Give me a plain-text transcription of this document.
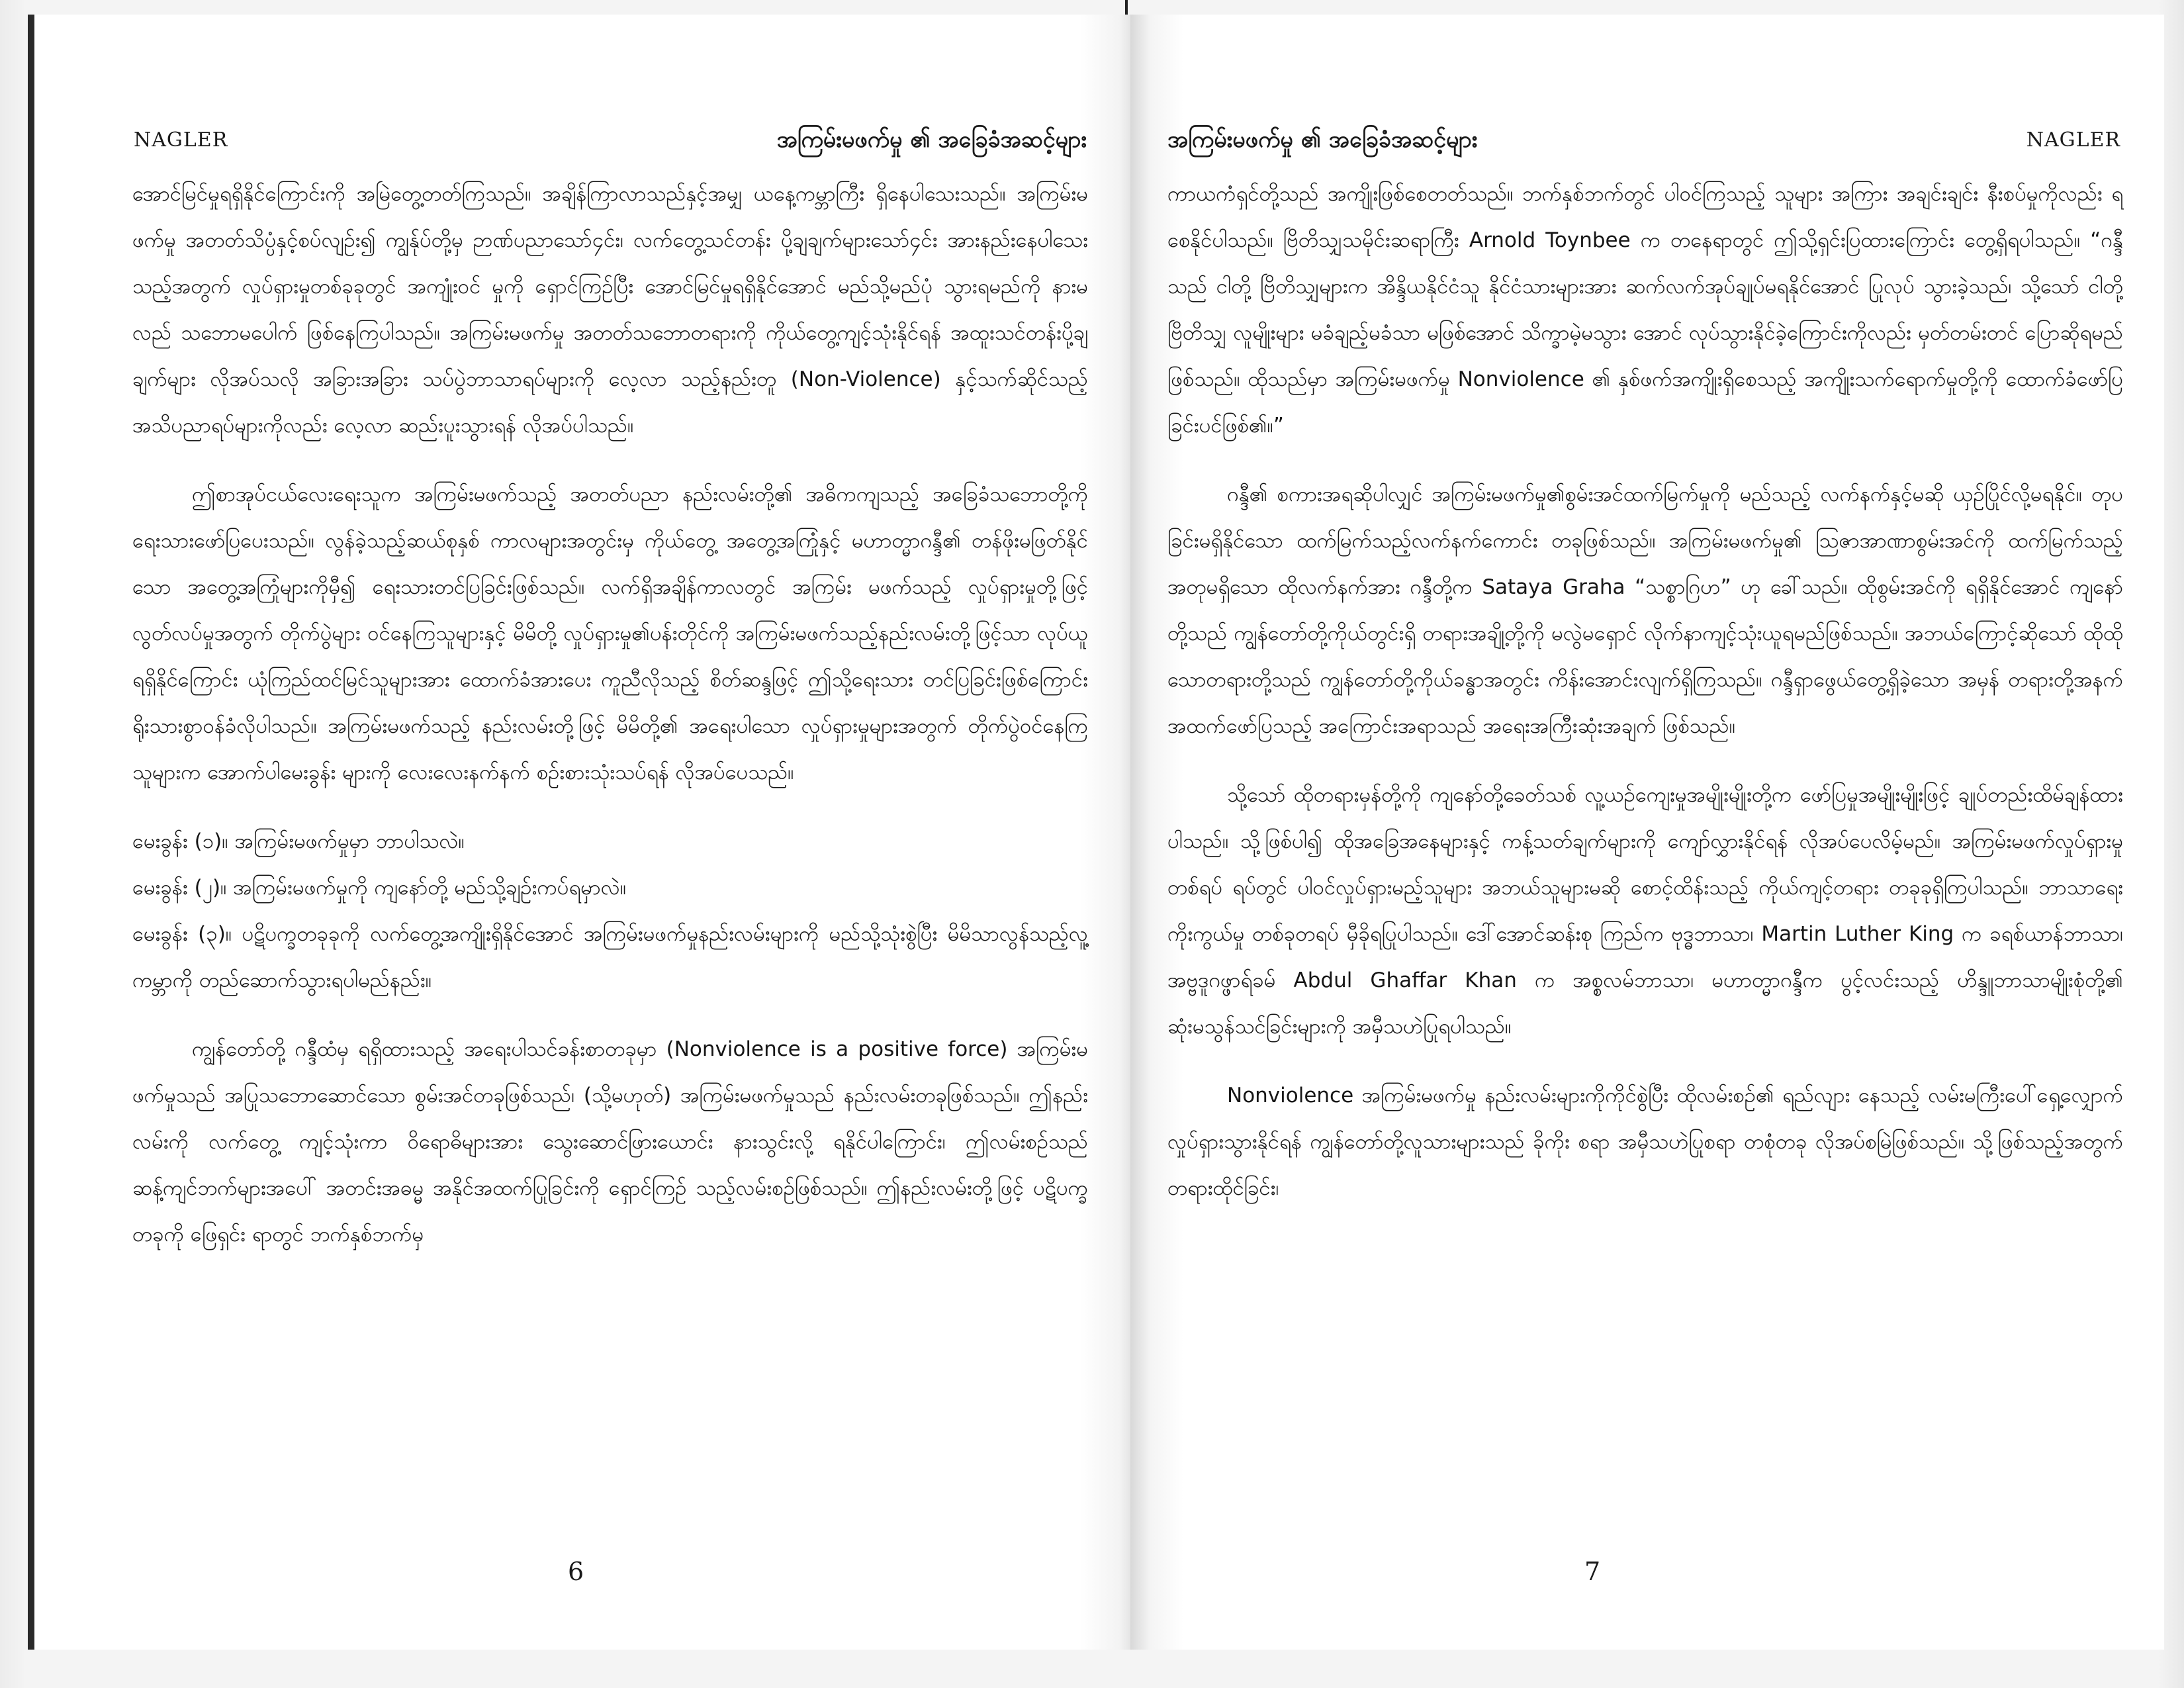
NAGLER	အကြမ်းမဖက်မှု ၏ အခြေခံအဆင့်များ

အောင်မြင်မှုရရှိနိုင်ကြောင်းကို အမြဲတွေ့တတ်ကြသည်။ အချိန်ကြာလာသည်နှင့်အမျှ ယနေ့ကမ္ဘာကြီး ရှိနေပါသေးသည်။ အကြမ်းမဖက်မှု အတတ်သိပ္ပံနှင့်စပ်လျဉ်း၍ ကျွန်ုပ်တို့မှ ဉာဏ်ပညာသော်၄င်း၊ လက်တွေ့သင်တန်း ပို့ချချက်များသော်၄င်း အားနည်းနေပါသေးသည့်အတွက် လှုပ်ရှားမှုတစ်ခုခုတွင် အကျုံးဝင် မှုကို ရှောင်ကြဉ်ပြီး အောင်မြင်မှုရရှိနိုင်အောင် မည်သို့မည်ပုံ သွားရမည်ကို နားမလည် သဘောမပေါက် ဖြစ်နေကြပါသည်။ အကြမ်းမဖက်မှု အတတ်သဘောတရားကို ကိုယ်တွေ့ကျင့်သုံးနိုင်ရန် အထူးသင်တန်းပို့ချချက်များ လိုအပ်သလို အခြားအခြား သပ်ပွဲဘာသာရပ်များကို လေ့လာ သည့်နည်းတူ (Non-Violence) နှင့်သက်ဆိုင်သည့် အသိပညာရပ်များကိုလည်း လေ့လာ ဆည်းပူးသွားရန် လိုအပ်ပါသည်။

ဤစာအုပ်ငယ်လေးရေးသူက အကြမ်းမဖက်သည့် အတတ်ပညာ နည်းလမ်းတို့၏ အဓိကကျသည့် အခြေခံသဘောတို့ကို ရေးသားဖော်ပြပေးသည်။ လွန်ခဲ့သည့်ဆယ်စုနှစ် ကာလများအတွင်းမှ ကိုယ်တွေ့ အတွေ့အကြုံနှင့် မဟာတ္မာဂန္ဒီ၏ တန်ဖိုးမဖြတ်နိုင်သော အတွေ့အကြုံများကိုမှီ၍ ရေးသားတင်ပြခြင်းဖြစ်သည်။ လက်ရှိအချိန်ကာလတွင် အကြမ်း မဖက်သည့် လှုပ်ရှားမှုတို့ဖြင့် လွတ်လပ်မှုအတွက် တိုက်ပွဲများ ဝင်နေကြသူများနှင့် မိမိတို့ လှုပ်ရှားမှု၏ပန်းတိုင်ကို အကြမ်းမဖက်သည့်နည်းလမ်းတို့ဖြင့်သာ လုပ်ယူရရှိနိုင်ကြောင်း ယုံကြည်ထင်မြင်သူများအား ထောက်ခံအားပေး ကူညီလိုသည့် စိတ်ဆန္ဒဖြင့် ဤသို့ရေးသား တင်ပြခြင်းဖြစ်ကြောင်း ရိုးသားစွာဝန်ခံလိုပါသည်။ အကြမ်းမဖက်သည့် နည်းလမ်းတို့ဖြင့် မိမိတို့၏ အရေးပါသော လှုပ်ရှားမှုများအတွက် တိုက်ပွဲဝင်နေကြသူများက အောက်ပါမေးခွန်း များကို လေးလေးနက်နက် စဉ်းစားသုံးသပ်ရန် လိုအပ်ပေသည်။

မေးခွန်း (၁)။ အကြမ်းမဖက်မှုမှာ ဘာပါသလဲ။

မေးခွန်း (၂)။ အကြမ်းမဖက်မှုကို ကျနော်တို့ မည်သို့ချဉ်းကပ်ရမှာလဲ။

မေးခွန်း (၃)။ ပဋိပက္ခတခုခုကို လက်တွေ့အကျိုးရှိနိုင်အောင် အကြမ်းမဖက်မှုနည်းလမ်းများကို မည်သို့သုံးစွဲပြီး မိမိသာလွန်သည့်လူ့ကမ္ဘာကို တည်ဆောက်သွားရပါမည်နည်း။

ကျွန်တော်တို့ ဂန္ဒီထံမှ ရရှိထားသည့် အရေးပါသင်ခန်းစာတခုမှာ (Nonviolence is a positive force) အကြမ်းမဖက်မှုသည် အပြုသဘောဆောင်သော စွမ်းအင်တခုဖြစ်သည်၊ (သို့မဟုတ်) အကြမ်းမဖက်မှုသည် နည်းလမ်းတခုဖြစ်သည်။ ဤနည်းလမ်းကို လက်တွေ့ ကျင့်သုံးကာ ဝိရောဓိများအား သွေးဆောင်ဖြားယောင်း နားသွင်းလို့ ရနိုင်ပါကြောင်း၊ ဤလမ်းစဉ်သည် ဆန့်ကျင်ဘက်များအပေါ် အတင်းအဓမ္မ အနိုင်အထက်ပြုခြင်းကို ရှောင်ကြဉ် သည့်လမ်းစဉ်ဖြစ်သည်။ ဤနည်းလမ်းတို့ဖြင့် ပဋိပက္ခတခုကို ဖြေရှင်း ရာတွင် ဘက်နှစ်ဘက်မှ

6
အကြမ်းမဖက်မှု ၏ အခြေခံအဆင့်များ	NAGLER

ကာယကံရှင်တို့သည် အကျိုးဖြစ်စေတတ်သည်။ ဘက်နှစ်ဘက်တွင် ပါဝင်ကြသည့် သူများ အကြား အချင်းချင်း နီးစပ်မှုကိုလည်း ရစေနိုင်ပါသည်။ ဗြိတိသျှသမိုင်းဆရာကြီး Arnold Toynbee က တနေရာတွင် ဤသို့ရှင်းပြထားကြောင်း တွေ့ရှိရပါသည်။ “ဂန္ဒီသည် ငါတို့ ဗြိတိသျှများက အိန္ဒိယနိုင်ငံသူ နိုင်ငံသားများအား ဆက်လက်အုပ်ချုပ်မရနိုင်အောင် ပြုလုပ် သွားခဲ့သည်၊ သို့သော် ငါတို့ဗြိတိသျှ လူမျိုးများ မခံချည့်မခံသာ မဖြစ်အောင် သိက္ခာမဲ့မသွား အောင် လုပ်သွားနိုင်ခဲ့ကြောင်းကိုလည်း မှတ်တမ်းတင် ပြောဆိုရမည်ဖြစ်သည်။ ထိုသည်မှာ အကြမ်းမဖက်မှု Nonviolence ၏ နှစ်ဖက်အကျိုးရှိစေသည့် အကျိုးသက်ရောက်မှုတို့ကို ထောက်ခံဖော်ပြခြင်းပင်ဖြစ်၏။”

ဂန္ဒီ၏ စကားအရဆိုပါလျှင် အကြမ်းမဖက်မှု၏စွမ်းအင်ထက်မြက်မှုကို မည်သည့် လက်နက်နှင့်မဆို ယှဉ်ပြိုင်လို့မရနိုင်။ တုပခြင်းမရှိနိုင်သော ထက်မြက်သည့်လက်နက်ကောင်း တခုဖြစ်သည်။ အကြမ်းမဖက်မှု၏ ဩဇာအာဏာစွမ်းအင်ကို ထက်မြက်သည့် အတုမရှိသော ထိုလက်နက်အား ဂန္ဒီတို့က Sataya Graha “သစ္စာဂြဟ” ဟု ခေါ်သည်။ ထိုစွမ်းအင်ကို ရရှိနိုင်အောင် ကျနော်တို့သည် ကျွန်တော်တို့ကိုယ်တွင်းရှိ တရားအချို့တို့ကို မလွဲမရှောင် လိုက်နာကျင့်သုံးယူရမည်ဖြစ်သည်။ အဘယ်ကြောင့်ဆိုသော် ထိုထိုသောတရားတို့သည် ကျွန်တော်တို့ကိုယ်ခန္ဓာအတွင်း ကိန်းအောင်းလျက်ရှိကြသည်။ ဂန္ဒီရှာဖွေယ်တွေ့ရှိခဲ့သော အမှန် တရားတို့အနက် အထက်ဖော်ပြသည့် အကြောင်းအရာသည် အရေးအကြီးဆုံးအချက် ဖြစ်သည်။

သို့သော် ထိုတရားမှန်တို့ကို ကျနော်တို့ခေတ်သစ် လူ့ယဉ်ကျေးမှုအမျိုးမျိုးတို့က ဖော်ပြမှုအမျိုးမျိုးဖြင့် ချုပ်တည်းထိမ်ချန်ထားပါသည်။ သို့ဖြစ်ပါ၍ ထိုအခြေအနေများနှင့် ကန့်သတ်ချက်များကို ကျော်လွှားနိုင်ရန် လိုအပ်ပေလိမ့်မည်။ အကြမ်းမဖက်လှုပ်ရှားမှု တစ်ရပ် ရပ်တွင် ပါဝင်လှုပ်ရှားမည့်သူများ အဘယ်သူများမဆို စောင့်ထိန်းသည့် ကိုယ်ကျင့်တရား တခုခုရှိကြပါသည်။ ဘာသာရေးကိုးကွယ်မှု တစ်ခုတရပ် မှီခိုရပြုပါသည်။ ဒေါ်အောင်ဆန်းစု ကြည်က ဗုဒ္ဓဘာသာ၊ Martin Luther King က ခရစ်ယာန်ဘာသာ၊ အဗ္ဗဒူဂဖ္ဖာရ်ခမ် Abdul Ghaffar Khan က အစ္စလမ်ဘာသာ၊ မဟာတ္မာဂန္ဒီက ပွင့်လင်းသည့် ဟိန္ဒူဘာသာမျိုးစုံတို့၏ ဆုံးမသွန်သင်ခြင်းများကို အမှီသဟဲပြုရပါသည်။

Nonviolence အကြမ်းမဖက်မှု နည်းလမ်းများကိုကိုင်စွဲပြီး ထိုလမ်းစဉ်၏ ရည်လျား နေသည့် လမ်းမကြီးပေါ်ရှေ့လျှောက် လှုပ်ရှားသွားနိုင်ရန် ကျွန်တော်တို့လူသားများသည် ခိုကိုး စရာ အမှီသဟဲပြုစရာ တစုံတခု လိုအပ်စမြဲဖြစ်သည်။ သို့ဖြစ်သည့်အတွက် တရားထိုင်ခြင်း၊

7
